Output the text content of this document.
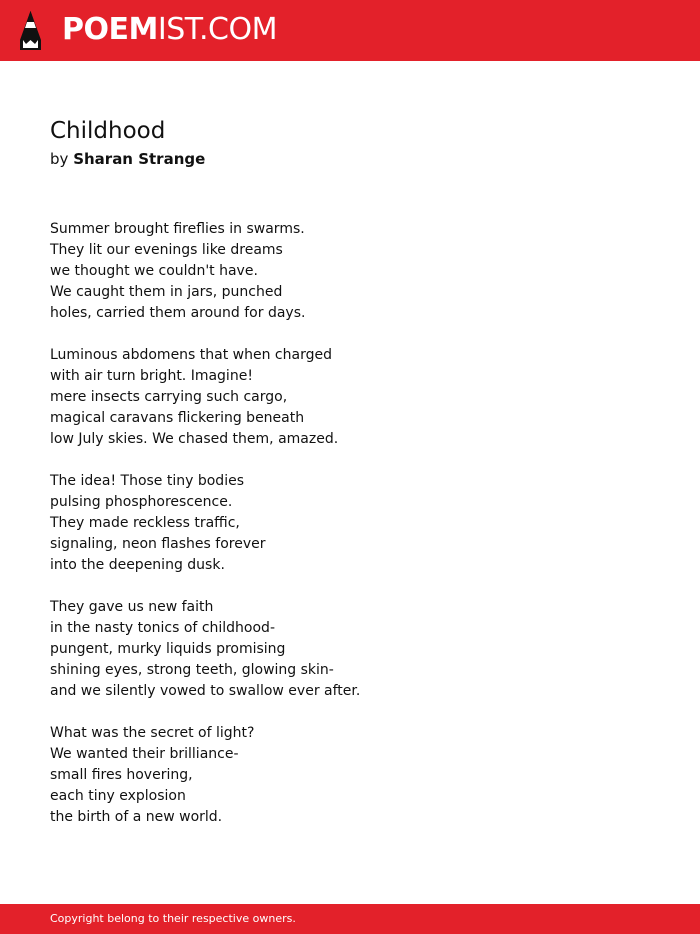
POEMIST.COM
Childhood
by Sharan Strange
Summer brought fireflies in swarms.
They lit our evenings like dreams
we thought we couldn't have.
We caught them in jars, punched
holes, carried them around for days.
Luminous abdomens that when charged
with air turn bright. Imagine!
mere insects carrying such cargo,
magical caravans flickering beneath
low July skies. We chased them, amazed.
The idea! Those tiny bodies
pulsing phosphorescence.
They made reckless traffic,
signaling, neon flashes forever
into the deepening dusk.
They gave us new faith
in the nasty tonics of childhood-
pungent, murky liquids promising
shining eyes, strong teeth, glowing skin-
and we silently vowed to swallow ever after.
What was the secret of light?
We wanted their brilliance-
small fires hovering,
each tiny explosion
the birth of a new world.
Copyright belong to their respective owners.
